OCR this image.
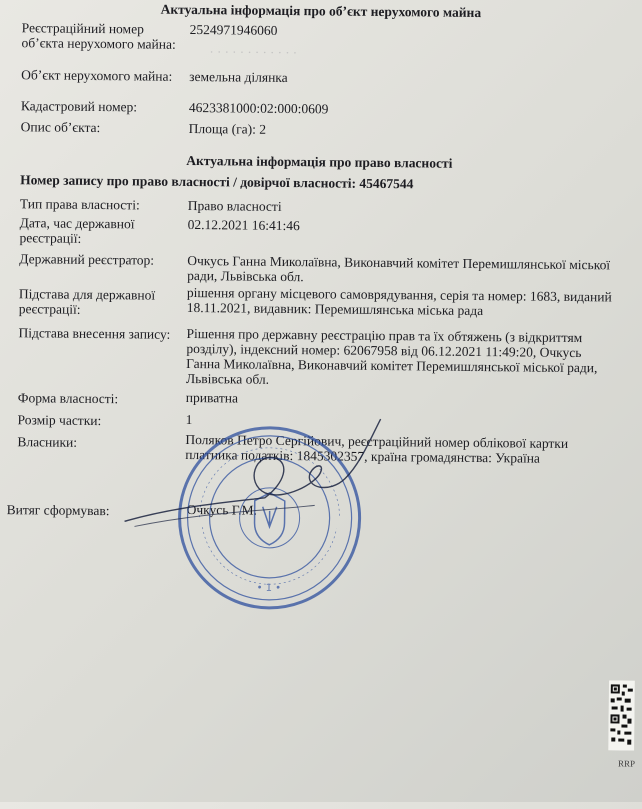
· · · · · · · · · · · ·
Актуальна інформація про об’єкт нерухомого майна
Реєстраційний номер об’єкта нерухомого майна:
2524971946060
Об’єкт нерухомого майна:	земельна ділянка
Кадастровий номер:	4623381000:02:000:0609
Опис об’єкта:	Площа (га): 2
Актуальна інформація про право власності
Номер запису про право власності / довірчої власності: 45467544
Тип права власності:	Право власності
Дата, час державної реєстрації:
02.12.2021 16:41:46
Державний реєстратор: Очкусь Ганна Миколаївна, Виконавчий комітет Перемишлянської міської ради, Львівська обл.
Підстава для державної реєстрації:
рішення органу місцевого самоврядування, серія та номер: 1683, виданий 18.11.2021, видавник: Перемишлянська міська рада
Підстава внесення запису:	Рішення про державну реєстрацію прав та їх обтяжень (з відкриттям розділу), індексний номер: 62067958 від 06.12.2021 11:49:20, Очкусь Ганна Миколаївна, Виконавчий комітет Перемишлянської міської ради, Львівська обл.
Форма власності:	приватна
Розмір частки:	1
Власники:	Поляков Петро Сергійович, реєстраційний номер облікової картки платника податків: 1845302357, країна громадянства: Україна
Витяг сформував:	Очкусь Г.М.
• 1 •
RRP
